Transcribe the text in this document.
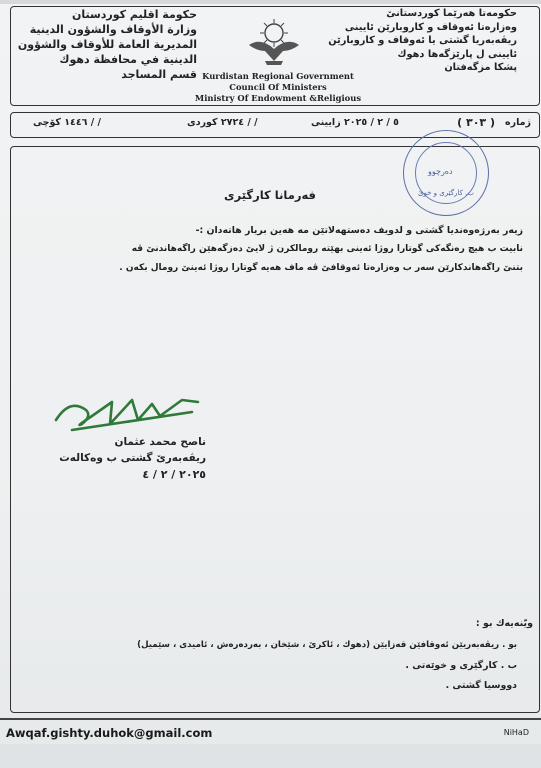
حكومەتا هەرێما كوردستانێ
وەزارەتا ئەوقاف و كاروبارێن ئايينى
ريڤەبەريا گشتى يا ئەوقاف و كاروبارێن
ئايينى ل پارێزگەها دهوك
پشكا مزگەفتان
حكومة اقليم كوردستان
وزارة الأوقاف والشؤون الدينية
المديرية العامة للأوقاف والشؤون
الدينية في محافظة دهوك
قسم المساجد Kurdistan Regional Government
Council Of Ministers
Ministry Of Endowment &Religious
ژمارە
( ٣٠٣ )
٥ / ٢ / ٢٠٢٥ زايينى
/ / ٢٧٢٤ كوردى
/ / ١٤٤٦ كۆچى
دەرچوو
ب. كارگێرى و خوێ
فەرمانا كارگێرى
زيەر بەرژەوەنديا گشتى و لدويف دەستهەلاتێن مە هەين بريار هاتەدان :-
نابيت ب هيچ رەنگەكى گوتارا روژا ئەينى بهێتە رومالكرن ژ لايێ دەزگەهێن راگەهاندنێ ڤە
بتنێ راگەهاندكارێن سەر ب وەزارەتا ئەوقافێ ڤە ماف هەيە گوتارا روژا ئەينێ رومال بكەن .
ناصح محمد عثمان
ريڤەبەرێ گشتى ب وەكالەت
٢٠٢٥ / ٢ / ٤
ويّنەيەك بو :
بو . ريڤەبەريێن ئەوقافێن قەزايێن (دهوك ، ئاكرێ ، شێخان ، بەردەرەش ، ئاميدى ، سێميل)
ب . كارگێرى و خوێەتى .
دووسيا گشتى .
Awqaf.gishty.duhok@gmail.com	NiHaD
